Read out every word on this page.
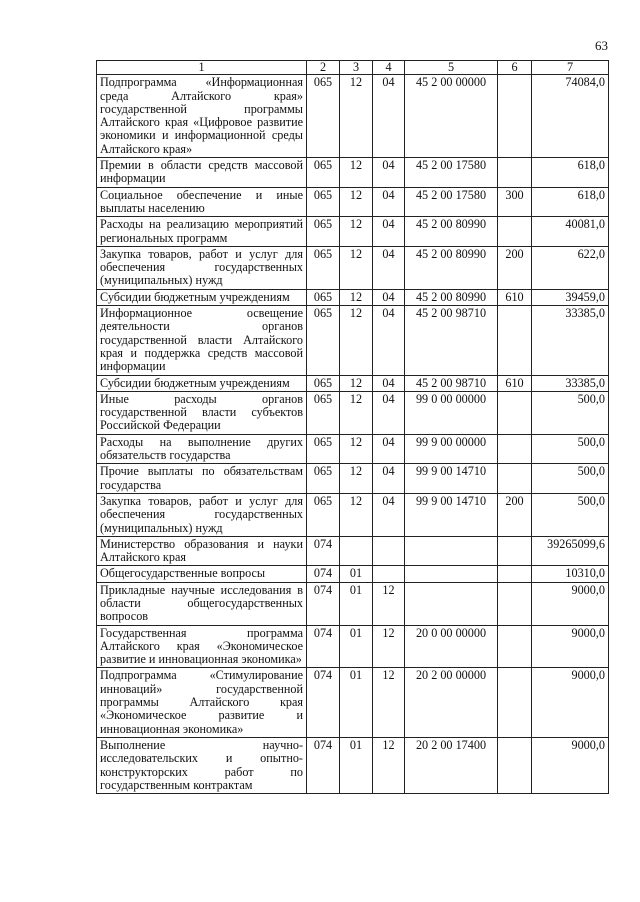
63
1	2	3	4	5	6	7
Подпрограмма «Информационная среда Алтайского края» государственной программы Алтайского края «Цифровое развитие экономики и информационной среды Алтайского края»	065	12	04	45 2 00 00000		74084,0
Премии в области средств массовой информации	065	12	04	45 2 00 17580		618,0
Социальное обеспечение и иные выплаты населению	065	12	04	45 2 00 17580	300	618,0
Расходы на реализацию мероприятий региональных программ	065	12	04	45 2 00 80990		40081,0
Закупка товаров, работ и услуг для обеспечения государственных (муниципальных) нужд	065	12	04	45 2 00 80990	200	622,0
Субсидии бюджетным учреждениям	065	12	04	45 2 00 80990	610	39459,0
Информационное освещение деятельности органов государственной власти Алтайского края и поддержка средств массовой информации	065	12	04	45 2 00 98710		33385,0
Субсидии бюджетным учреждениям	065	12	04	45 2 00 98710	610	33385,0
Иные расходы органов государственной власти субъектов Российской Федерации	065	12	04	99 0 00 00000		500,0
Расходы на выполнение других обязательств государства	065	12	04	99 9 00 00000		500,0
Прочие выплаты по обязательствам государства	065	12	04	99 9 00 14710		500,0
Закупка товаров, работ и услуг для обеспечения государственных (муниципальных) нужд	065	12	04	99 9 00 14710	200	500,0
Министерство образования и науки Алтайского края	074					39265099,6
Общегосударственные вопросы	074	01				10310,0
Прикладные научные исследования в области общегосударственных вопросов	074	01	12			9000,0
Государственная программа Алтайского края «Экономическое развитие и инновационная экономика»	074	01	12	20 0 00 00000		9000,0
Подпрограмма «Стимулирование инноваций» государственной программы Алтайского края «Экономическое развитие и инновационная экономика»	074	01	12	20 2 00 00000		9000,0
Выполнение научно-исследовательских и опытно-конструкторских работ по государственным контрактам	074	01	12	20 2 00 17400		9000,0
